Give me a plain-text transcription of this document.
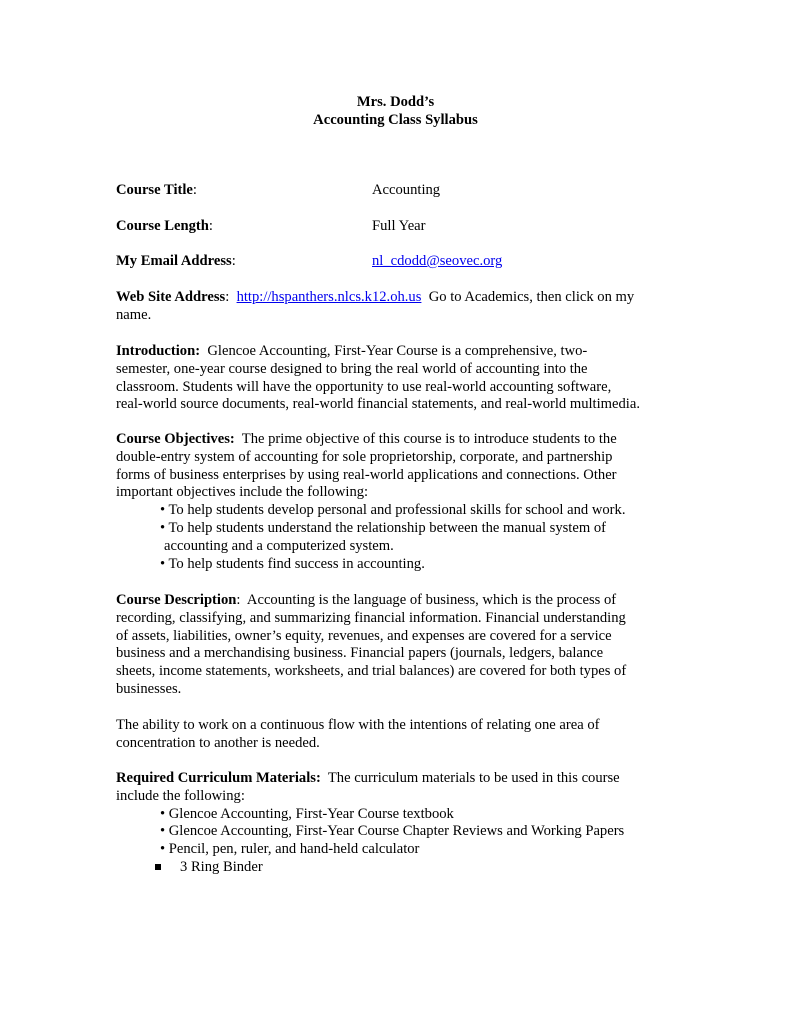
Mrs. Dodd’s
Accounting Class Syllabus
Course Title:	Accounting
Course Length:	Full Year
My Email Address:	nl_cdodd@seovec.org
Web Site Address:  http://hspanthers.nlcs.k12.oh.us  Go to Academics, then click on my
name.
Introduction:  Glencoe Accounting, First-Year Course is a comprehensive, two-
semester, one-year course designed to bring the real world of accounting into the
classroom. Students will have the opportunity to use real-world accounting software,
real-world source documents, real-world financial statements, and real-world multimedia.
Course Objectives:  The prime objective of this course is to introduce students to the
double-entry system of accounting for sole proprietorship, corporate, and partnership
forms of business enterprises by using real-world applications and connections. Other
important objectives include the following:
• To help students develop personal and professional skills for school and work.
• To help students understand the relationship between the manual system of
accounting and a computerized system.
• To help students find success in accounting.
Course Description:  Accounting is the language of business, which is the process of
recording, classifying, and summarizing financial information. Financial understanding
of assets, liabilities, owner’s equity, revenues, and expenses are covered for a service
business and a merchandising business. Financial papers (journals, ledgers, balance
sheets, income statements, worksheets, and trial balances) are covered for both types of
businesses.
The ability to work on a continuous flow with the intentions of relating one area of
concentration to another is needed.
Required Curriculum Materials:  The curriculum materials to be used in this course
include the following:
• Glencoe Accounting, First-Year Course textbook
• Glencoe Accounting, First-Year Course Chapter Reviews and Working Papers
• Pencil, pen, ruler, and hand-held calculator
3 Ring Binder
